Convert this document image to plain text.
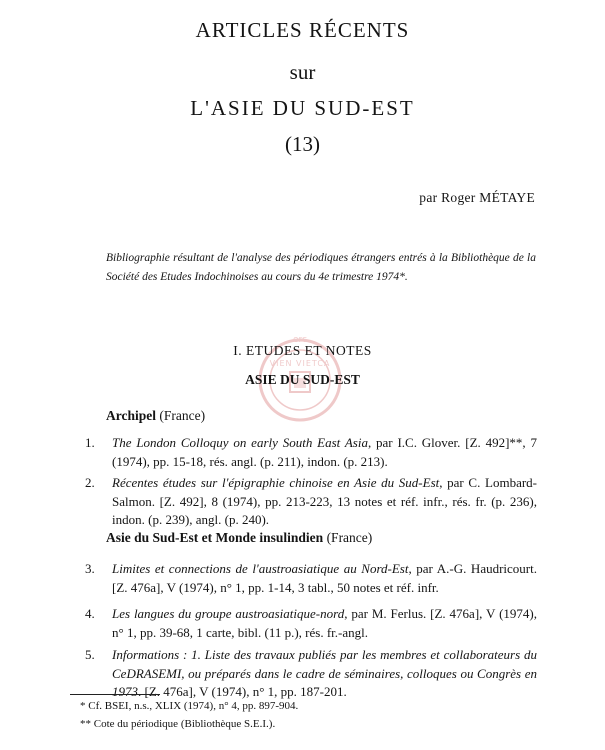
ARTICLES RÉCENTS
sur
L'ASIE DU SUD-EST
(13)
par Roger MÉTAYE
Bibliographie résultant de l'analyse des périodiques étrangers entrés à la Bibliothèque de la Société des Etudes Indochinoises au cours du 4e trimestre 1974*.
erc
VIEN VIETCA
I. ETUDES ET NOTES
ASIE DU SUD-EST
Archipel (France)
1. The London Colloquy on early South East Asia, par I.C. Glover. [Z. 492]**, 7 (1974), pp. 15-18, rés. angl. (p. 211), indon. (p. 213).
2. Récentes études sur l'épigraphie chinoise en Asie du Sud-Est, par C. Lombard-Salmon. [Z. 492], 8 (1974), pp. 213-223, 13 notes et réf. infr., rés. fr. (p. 236), indon. (p. 239), angl. (p. 240).
Asie du Sud-Est et Monde insulindien (France)
3. Limites et connections de l'austroasiatique au Nord-Est, par A.-G. Haudricourt. [Z. 476a], V (1974), n° 1, pp. 1-14, 3 tabl., 50 notes et réf. infr.
4. Les langues du groupe austroasiatique-nord, par M. Ferlus. [Z. 476a], V (1974), n° 1, pp. 39-68, 1 carte, bibl. (11 p.), rés. fr.-angl.
5. Informations : 1. Liste des travaux publiés par les membres et collaborateurs du CeDRASEMI, ou préparés dans le cadre de séminaires, colloques ou Congrès en 1973. [Z. 476a], V (1974), n° 1, pp. 187-201.
* Cf. BSEI, n.s., XLIX (1974), n° 4, pp. 897-904.
** Cote du périodique (Bibliothèque S.E.I.).
